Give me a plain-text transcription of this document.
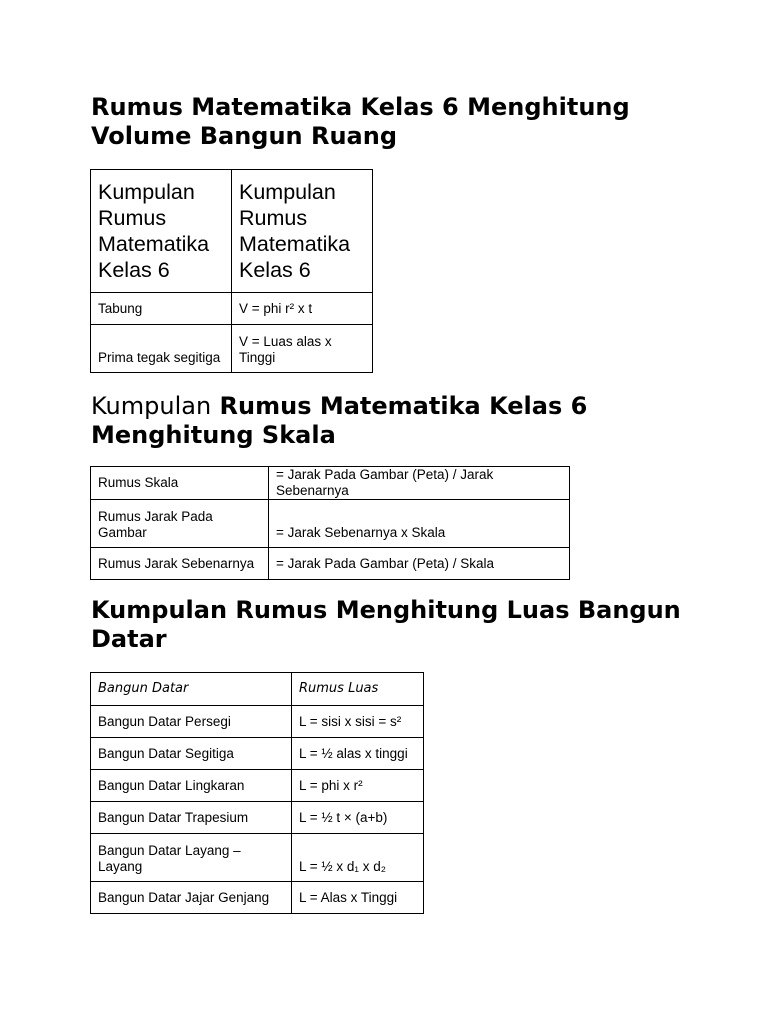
Rumus Matematika Kelas 6 Menghitung Volume Bangun Ruang
Kumpulan Rumus Matematika Kelas 6	Kumpulan Rumus Matematika Kelas 6
Tabung	V = phi r² x t
Prima tegak segitiga	V = Luas alas x Tinggi
Kumpulan Rumus Matematika Kelas 6 Menghitung Skala
Rumus Skala	= Jarak Pada Gambar (Peta) / Jarak Sebenarnya
Rumus Jarak Pada Gambar	= Jarak Sebenarnya x Skala
Rumus Jarak Sebenarnya	= Jarak Pada Gambar (Peta) / Skala
Kumpulan Rumus Menghitung Luas Bangun Datar
Bangun Datar	Rumus Luas
Bangun Datar Persegi	L = sisi x sisi = s²
Bangun Datar Segitiga	L = ½ alas x tinggi
Bangun Datar Lingkaran	L = phi x r²
Bangun Datar Trapesium	L = ½ t × (a+b)
Bangun Datar Layang – Layang	L = ½ x d₁ x d₂
Bangun Datar Jajar Genjang	L = Alas x Tinggi
